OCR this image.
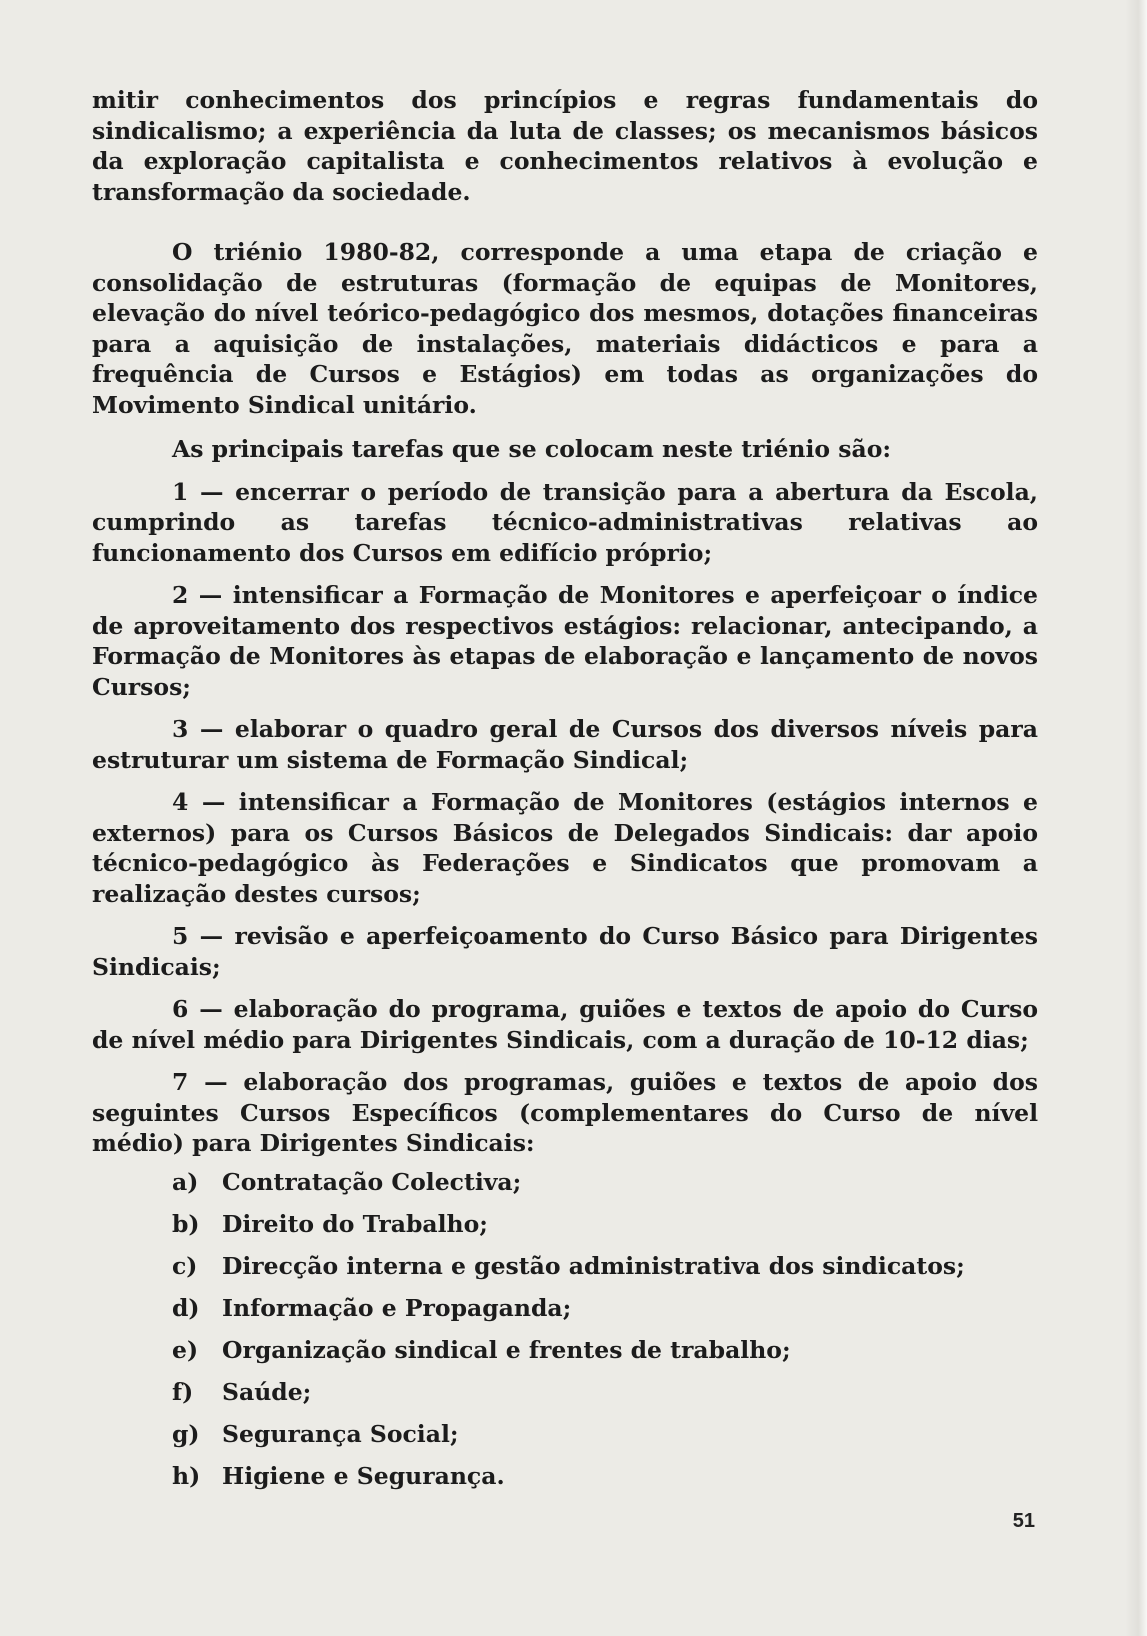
mitir conhecimentos dos princípios e regras fundamentais do sindicalismo; a experiência da luta de classes; os mecanismos básicos da exploração capitalista e conhecimentos relativos à evolução e transformação da sociedade.

O triénio 1980-82, corresponde a uma etapa de criação e consolidação de estruturas (formação de equipas de Monitores, elevação do nível teórico-pedagógico dos mesmos, dotações financeiras para a aquisição de instalações, materiais didácticos e para a frequência de Cursos e Estágios) em todas as organizações do Movimento Sindical unitário.

As principais tarefas que se colocam neste triénio são:

1 — encerrar o período de transição para a abertura da Escola, cumprindo as tarefas técnico-administrativas relativas ao funcionamento dos Cursos em edifício próprio;

2 — intensificar a Formação de Monitores e aperfeiçoar o índice de aproveitamento dos respectivos estágios: relacionar, antecipando, a Formação de Monitores às etapas de elaboração e lançamento de novos Cursos;

3 — elaborar o quadro geral de Cursos dos diversos níveis para estruturar um sistema de Formação Sindical;

4 — intensificar a Formação de Monitores (estágios internos e externos) para os Cursos Básicos de Delegados Sindicais: dar apoio técnico-pedagógico às Federações e Sindicatos que promovam a realização destes cursos;

5 — revisão e aperfeiçoamento do Curso Básico para Dirigentes Sindicais;

6 — elaboração do programa, guiões e textos de apoio do Curso de nível médio para Dirigentes Sindicais, com a duração de 10-12 dias;

7 — elaboração dos programas, guiões e textos de apoio dos seguintes Cursos Específicos (complementares do Curso de nível médio) para Dirigentes Sindicais:

a)	Contratação Colectiva;
b) Direito do Trabalho;
c)	Direcção interna e gestão administrativa dos sindicatos;
d) Informação e Propaganda;
e)	Organização sindical e frentes de trabalho;
f)	Saúde;
g) Segurança Social;
h) Higiene e Segurança.
51
